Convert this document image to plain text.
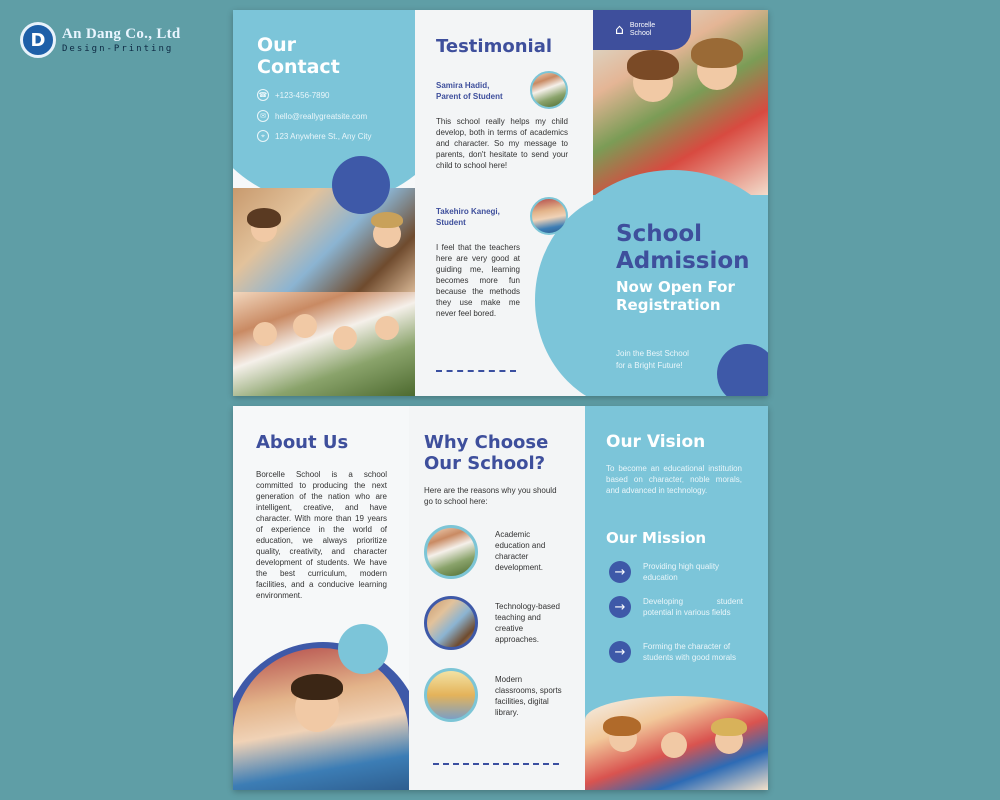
D	An Dang Co., Ltd
Design-Printing	Our
Contact
☎ +123-456-7890
✉	hello@reallygreatsite.com
⌖	123 Anywhere St., Any City
Testimonial
Samira Hadid,
Parent of Student

This school really helps my child develop, both in terms of academics and character. So my message to parents, don't hesitate to send your child to school here!

Takehiro Kanegi,
Student

I feel that the teachers here are very good at guiding me, learning becomes more fun because the methods they use make me never feel bored.

⌂ Borcelle
School
School
Admission
Now Open For
Registration
Join the Best School
for a Bright Future!
About Us

Borcelle School is a school committed to producing the next generation of the nation who are intelligent, creative, and have character. With more than 19 years of experience in the world of education, we always prioritize quality, creativity, and character development of students. We have the best curriculum, modern facilities, and a conducive learning environment.

Why Choose
Our School?

Here are the reasons why you should go to school here:

Academic education and character development.

Technology-based teaching and creative approaches.

Modern classrooms, sports facilities, digital library.

Our Vision

To become an educational institution based on character, noble morals, and advanced in technology.

Our Mission
→	Providing high quality education

→	Developing student potential in various fields

→	Forming the character of students with good morals
